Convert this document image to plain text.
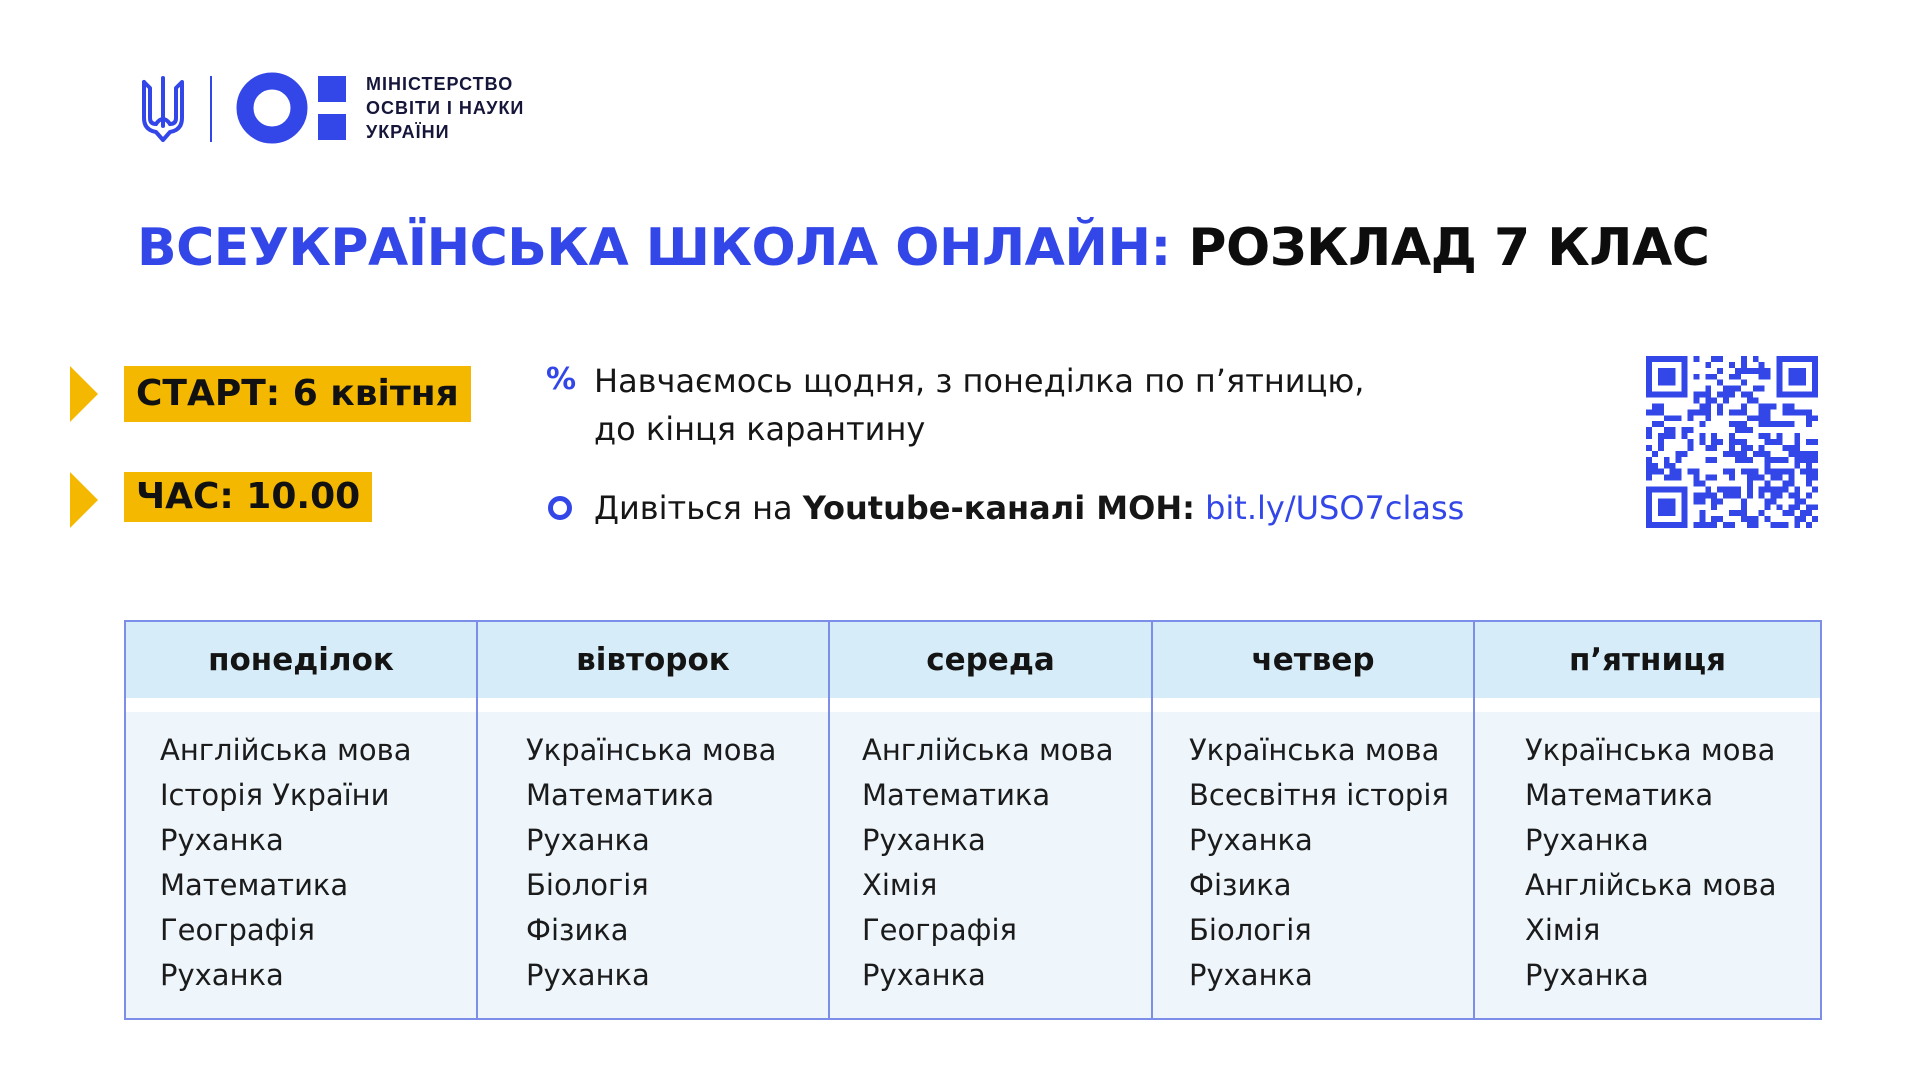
МІНІСТЕРСТВО
ОСВІТИ І НАУКИ
УКРАЇНИ
ВСЕУКРАЇНСЬКА ШКОЛА ОНЛАЙН: РОЗКЛАД 7 КЛАС
СТАРТ: 6 квітня
ЧАС: 10.00
% Навчаємось щодня, з понеділка по п’ятницю,
до кінця карантину
Дивіться на Youtube-каналі МОН: bit.ly/USO7class
понеділок
Англійська мова
Історія України
Руханка
Математика
Географія
Руханка
вівторок
Українська мова
Математика
Руханка
Біологія
Фізика
Руханка
середа
Англійська мова
Математика
Руханка
Хімія
Географія
Руханка
четвер
Українська мова
Всесвітня історія
Руханка
Фізика
Біологія
Руханка
п’ятниця
Українська мова
Математика
Руханка
Англійська мова
Хімія
Руханка
